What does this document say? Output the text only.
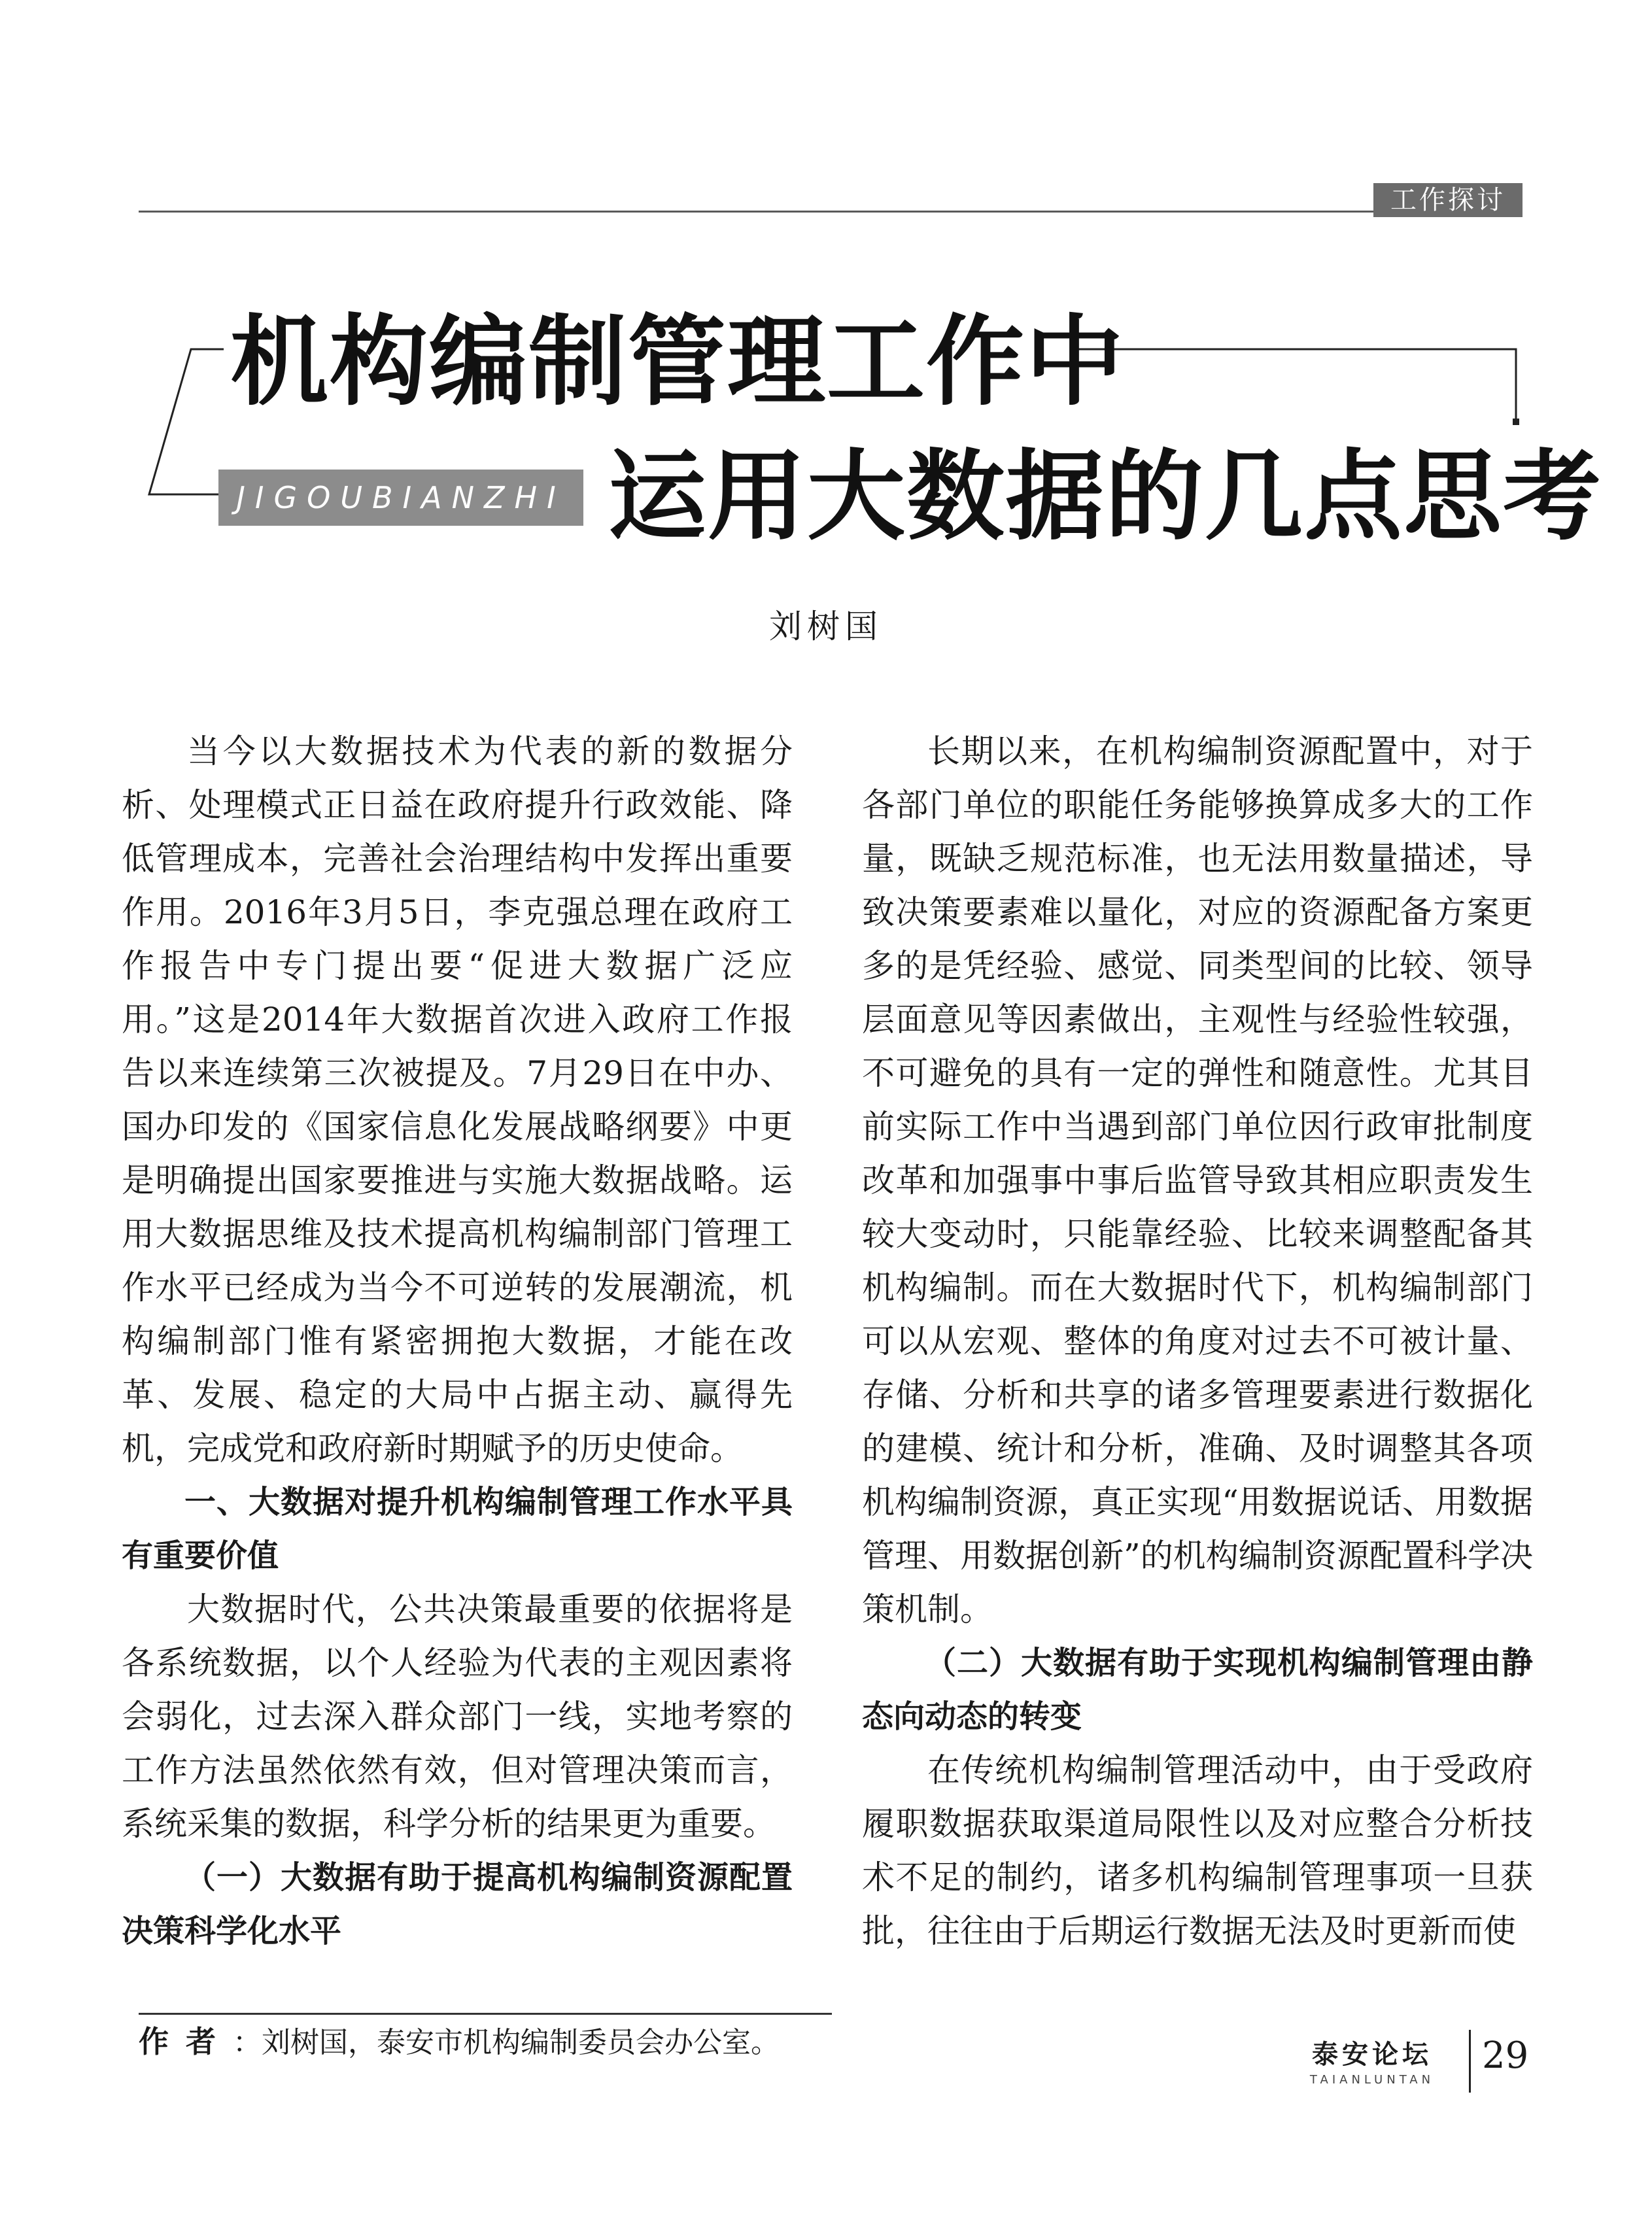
工作探讨
机构编制管理工作中
JIGOUBIANZHI 运用大数据的几点思考
刘树国

当今以大数据技术为代表的新的数据分析、处理模式正日益在政府提升行政效能、降低管理成本，完善社会治理结构中发挥出重要作用。2016年3月5日，李克强总理在政府工作报告中专门提出要“促进大数据广泛应用。”这是2014年大数据首次进入政府工作报告以来连续第三次被提及。7月29日在中办、国办印发的《国家信息化发展战略纲要》中更是明确提出国家要推进与实施大数据战略。运用大数据思维及技术提高机构编制部门管理工作水平已经成为当今不可逆转的发展潮流，机构编制部门惟有紧密拥抱大数据，才能在改革、发展、稳定的大局中占据主动、赢得先机，完成党和政府新时期赋予的历史使命。

一、大数据对提升机构编制管理工作水平具有重要价值

大数据时代，公共决策最重要的依据将是各系统数据，以个人经验为代表的主观因素将会弱化，过去深入群众部门一线，实地考察的工作方法虽然依然有效，但对管理决策而言，系统采集的数据，科学分析的结果更为重要。

（一）大数据有助于提高机构编制资源配置决策科学化水平

长期以来，在机构编制资源配置中，对于各部门单位的职能任务能够换算成多大的工作量，既缺乏规范标准，也无法用数量描述，导致决策要素难以量化，对应的资源配备方案更多的是凭经验、感觉、同类型间的比较、领导层面意见等因素做出，主观性与经验性较强，不可避免的具有一定的弹性和随意性。尤其目前实际工作中当遇到部门单位因行政审批制度改革和加强事中事后监管导致其相应职责发生较大变动时，只能靠经验、比较来调整配备其机构编制。而在大数据时代下，机构编制部门可以从宏观、整体的角度对过去不可被计量、存储、分析和共享的诸多管理要素进行数据化的建模、统计和分析，准确、及时调整其各项机构编制资源，真正实现“用数据说话、用数据管理、用数据创新”的机构编制资源配置科学决策机制。

（二）大数据有助于实现机构编制管理由静态向动态的转变

在传统机构编制管理活动中，由于受政府履职数据获取渠道局限性以及对应整合分析技术不足的制约，诸多机构编制管理事项一旦获批，往往由于后期运行数据无法及时更新而使

作者：刘树国，泰安市机构编制委员会办公室。	泰安论坛
TAIANLUNTAN
29
